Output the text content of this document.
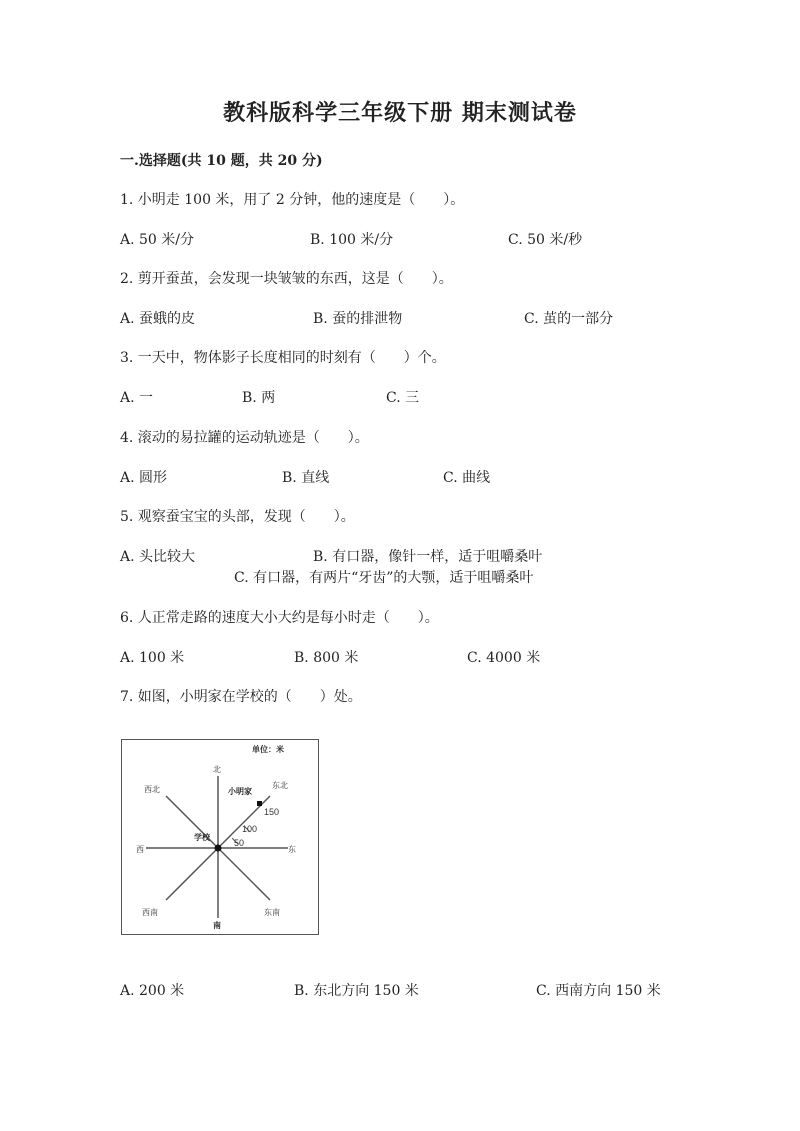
教科版科学三年级下册 期末测试卷
一.选择题(共 10 题，共 20 分)
1. 小明走 100 米，用了 2 分钟，他的速度是（　　）。
A. 50 米/分	B. 100 米/分	C. 50 米/秒
2. 剪开蚕茧，会发现一块皱皱的东西，这是（　　）。
A. 蚕蛾的皮	B. 蚕的排泄物	C. 茧的一部分
3. 一天中，物体影子长度相同的时刻有（　　）个。
A. 一	B. 两	C. 三
4. 滚动的易拉罐的运动轨迹是（　　）。
A. 圆形	B. 直线	C. 曲线
5. 观察蚕宝宝的头部，发现（　　）。
A. 头比较大	B. 有口器，像针一样，适于咀嚼桑叶
C. 有口器，有两片“牙齿”的大颚，适于咀嚼桑叶
6. 人正常走路的速度大小大约是每小时走（　　）。
A. 100 米	B. 800 米	C. 4000 米
7. 如图，小明家在学校的（　　）处。
单位：米
北
南
东
西
东北
西北
东南
西南
小明家
学校
50
100
150
A. 200 米	B. 东北方向 150 米	C. 西南方向 150 米
